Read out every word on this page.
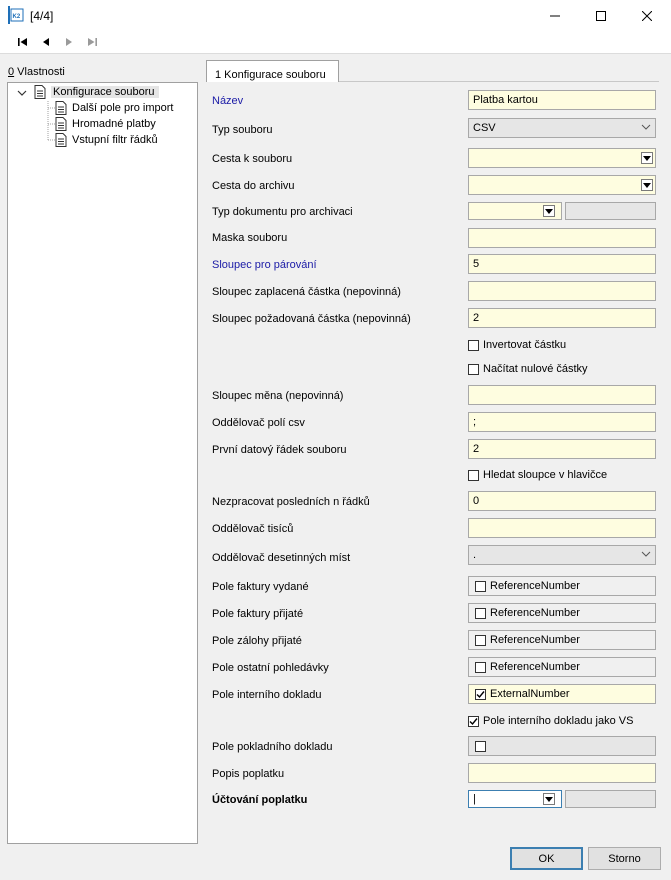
K2 [4/4]
0 Vlastnosti
Konfigurace souboru
Další pole pro import
Hromadné platby
Vstupní filtr řádků
1 Konfigurace souboru
Název	Platba kartou
Typ souboru	CSV
Cesta k souboru
Cesta do archivu
Typ dokumentu pro archivaci
Maska souboru
Sloupec pro párování	5
Sloupec zaplacená částka (nepovinná)
Sloupec požadovaná částka (nepovinná)	2
Invertovat částku
Načítat nulové částky
Sloupec měna (nepovinná)
Oddělovač polí csv	;
První datový řádek souboru	2
Hledat sloupce v hlavičce
Nezpracovat posledních n řádků	0
Oddělovač tisíců
Oddělovač desetinných míst	.
Pole faktury vydané	ReferenceNumber
Pole faktury přijaté	ReferenceNumber
Pole zálohy přijaté	ReferenceNumber
Pole ostatní pohledávky	ReferenceNumber
Pole interního dokladu	ExternalNumber
Pole interního dokladu jako VS
Pole pokladního dokladu
Popis poplatku
Účtování poplatku	|
OK	Storno
